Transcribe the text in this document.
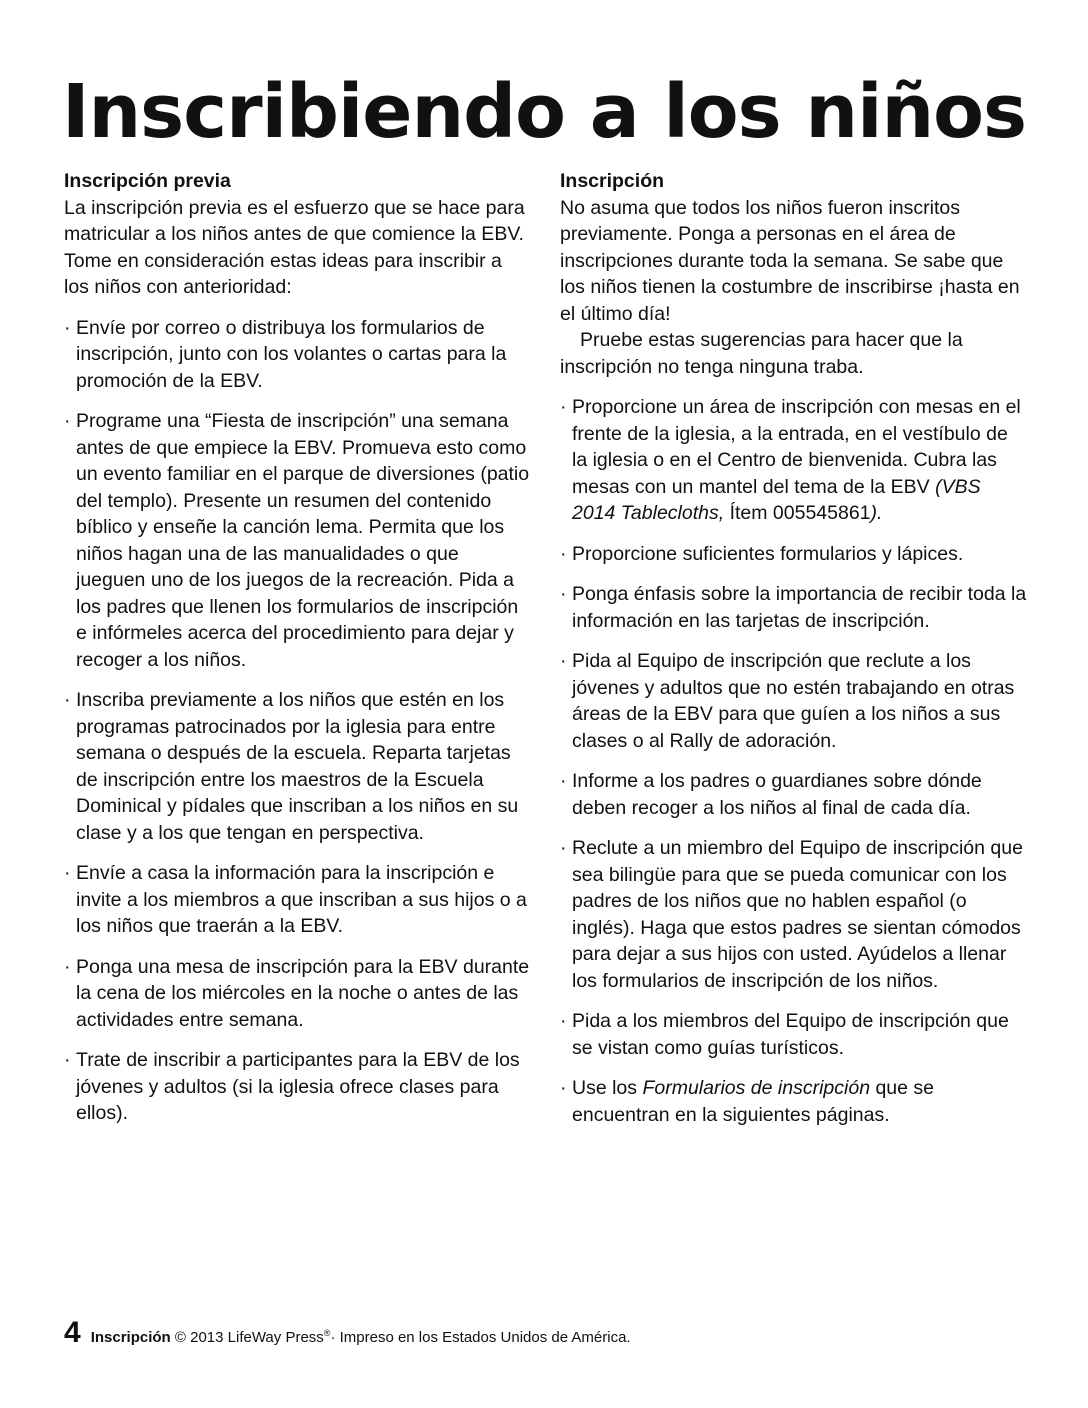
Inscribiendo a los niños
Inscripción previa

La inscripción previa es el esfuerzo que se hace para matricular a los niños antes de que comience la EBV. Tome en consideración estas ideas para inscribir a los niños con anterioridad:

· Envíe por correo o distribuya los formularios de inscripción, junto con los volantes o cartas para la promoción de la EBV.
· Programe una “Fiesta de inscripción” una semana antes de que empiece la EBV. Promueva esto como un evento familiar en el parque de diversiones (patio del templo). Presente un resumen del contenido bíblico y enseñe la canción lema. Permita que los niños hagan una de las manualidades o que jueguen uno de los juegos de la recreación. Pida a los padres que llenen los formularios de inscripción e infórmeles acerca del procedimiento para dejar y recoger a los niños.
· Inscriba previamente a los niños que estén en los programas patrocinados por la iglesia para entre semana o después de la escuela. Reparta tarjetas de inscripción entre los maestros de la Escuela Dominical y pídales que inscriban a los niños en su clase y a los que tengan en perspectiva.
· Envíe a casa la información para la inscripción e invite a los miembros a que inscriban a sus hijos o a los niños que traerán a la EBV.
· Ponga una mesa de inscripción para la EBV durante la cena de los miércoles en la noche o antes de las actividades entre semana.
· Trate de inscribir a participantes para la EBV de los jóvenes y adultos (si la iglesia ofrece clases para ellos).
Inscripción

No asuma que todos los niños fueron inscritos previamente. Ponga a personas en el área de inscripciones durante toda la semana. Se sabe que los niños tienen la costumbre de inscribirse ¡hasta en el último día!

Pruebe estas sugerencias para hacer que la inscripción no tenga ninguna traba.

· Proporcione un área de inscripción con mesas en el frente de la iglesia, a la entrada, en el vestíbulo de la iglesia o en el Centro de bienvenida. Cubra las mesas con un mantel del tema de la EBV (VBS 2014 Tablecloths, Ítem 005545861).
· Proporcione suficientes formularios y lápices.
· Ponga énfasis sobre la importancia de recibir toda la información en las tarjetas de inscripción.
· Pida al Equipo de inscripción que reclute a los jóvenes y adultos que no estén trabajando en otras áreas de la EBV para que guíen a los niños a sus clases o al Rally de adoración.
· Informe a los padres o guardianes sobre dónde deben recoger a los niños al final de cada día.
· Reclute a un miembro del Equipo de inscripción que sea bilingüe para que se pueda comunicar con los padres de los niños que no hablen español (o inglés). Haga que estos padres se sientan cómodos para dejar a sus hijos con usted. Ayúdelos a llenar los formularios de inscripción de los niños.
· Pida a los miembros del Equipo de inscripción que se vistan como guías turísticos.
· Use los Formularios de inscripción que se encuentran en la siguientes páginas.
4 Inscripción © 2013 LifeWay Press®· Impreso en los Estados Unidos de América.
